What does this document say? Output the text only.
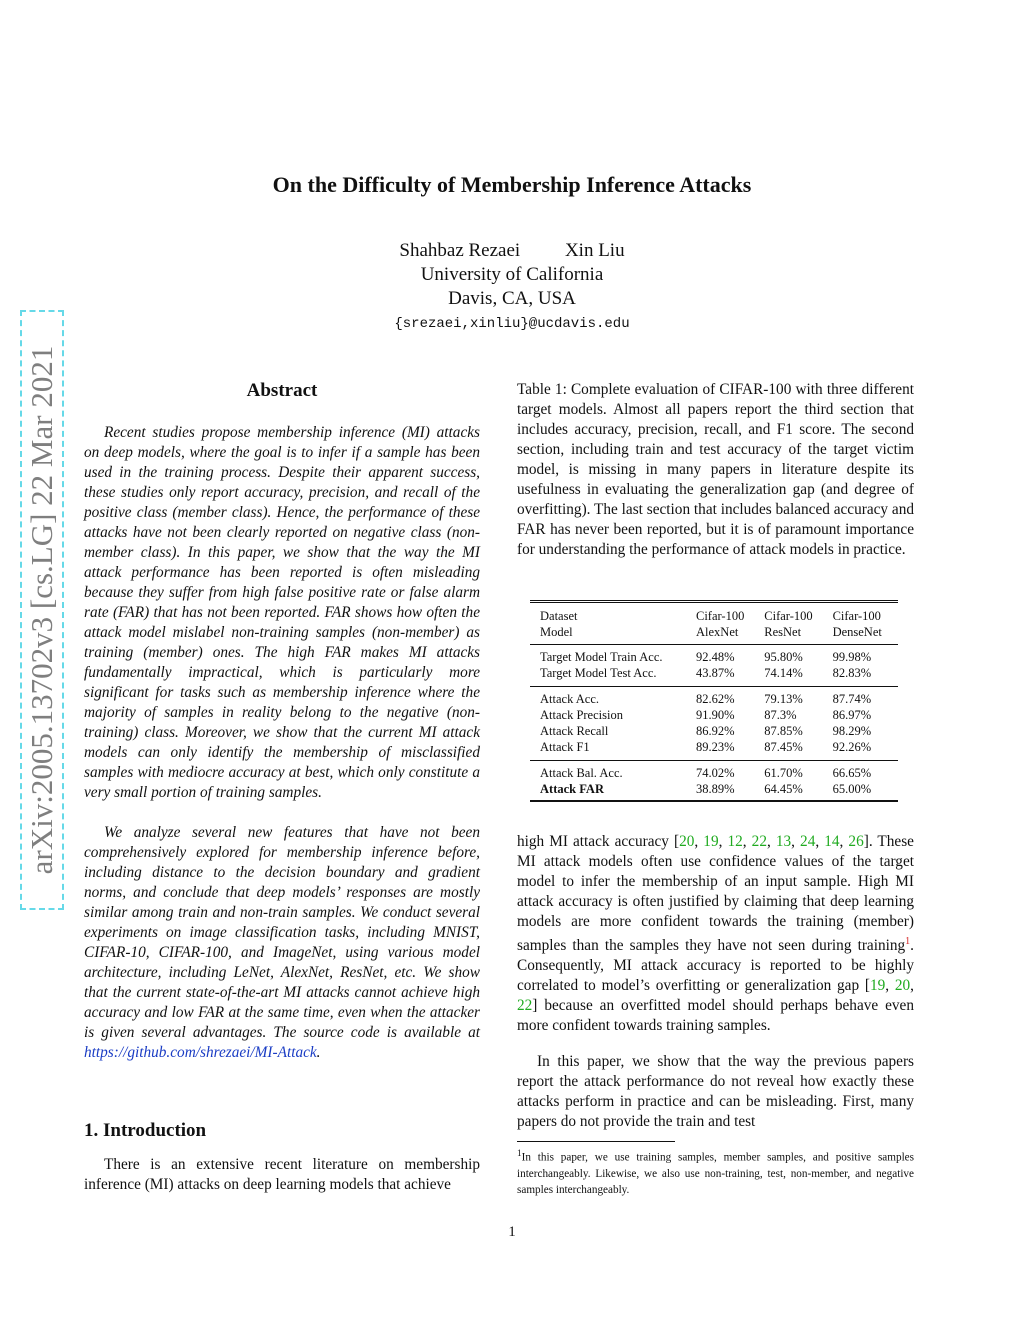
On the Difficulty of Membership Inference Attacks
Shahbaz Rezaei Xin Liu
University of California
Davis, CA, USA
{srezaei,xinliu}@ucdavis.edu
arXiv:2005.13702v3 [cs.LG] 22 Mar 2021	Abstract
Recent studies propose membership inference (MI) attacks on deep models, where the goal is to infer if a sample has been used in the training process. Despite their apparent success, these studies only report accuracy, precision, and recall of the positive class (member class). Hence, the performance of these attacks have not been clearly reported on negative class (non-member class). In this paper, we show that the way the MI attack performance has been reported is often misleading because they suffer from high false positive rate or false alarm rate (FAR) that has not been reported. FAR shows how often the attack model mislabel non-training samples (non-member) as training (member) ones. The high FAR makes MI attacks fundamentally impractical, which is particularly more significant for tasks such as membership inference where the majority of samples in reality belong to the negative (non-training) class. Moreover, we show that the current MI attack models can only identify the membership of misclassified samples with mediocre accuracy at best, which only constitute a very small portion of training samples.
We analyze several new features that have not been comprehensively explored for membership inference before, including distance to the decision boundary and gradient norms, and conclude that deep models’ responses are mostly similar among train and non-train samples. We conduct several experiments on image classification tasks, including MNIST, CIFAR-10, CIFAR-100, and ImageNet, using various model architecture, including LeNet, AlexNet, ResNet, etc. We show that the current state-of-the-art MI attacks cannot achieve high accuracy and low FAR at the same time, even when the attacker is given several advantages. The source code is available at https://github.com/shrezaei/MI-Attack.
1. Introduction
There is an extensive recent literature on membership inference (MI) attacks on deep learning models that achieve
Table 1: Complete evaluation of CIFAR-100 with three different target models. Almost all papers report the third section that includes accuracy, precision, recall, and F1 score. The second section, including train and test accuracy of the target victim model, is missing in many papers in literature despite its usefulness in evaluating the generalization gap (and degree of overfitting). The last section that includes balanced accuracy and FAR has never been reported, but it is of paramount importance for understanding the performance of attack models in practice.
Dataset	Cifar-100	Cifar-100	Cifar-100
Model	AlexNet	ResNet	DenseNet
Target Model Train Acc.	92.48%	95.80%	99.98%
Target Model Test Acc.	43.87%	74.14%	82.83%
Attack Acc.	82.62%	79.13%	87.74%
Attack Precision	91.90%	87.3%	86.97%
Attack Recall	86.92%	87.85%	98.29%
Attack F1	89.23%	87.45%	92.26%
Attack Bal. Acc.	74.02%	61.70%	66.65%
Attack FAR	38.89%	64.45%	65.00%
high MI attack accuracy [20, 19, 12, 22, 13, 24, 14, 26]. These MI attack models often use confidence values of the target model to infer the membership of an input sample. High MI attack accuracy is often justified by claiming that deep learning models are more confident towards the training (member) samples than the samples they have not seen during training$^1$. Consequently, MI attack accuracy is reported to be highly correlated to model’s overfitting or generalization gap [19, 20, 22] because an overfitted model should perhaps behave even more confident towards training samples.
In this paper, we show that the way the previous papers report the attack performance do not reveal how exactly these attacks perform in practice and can be misleading. First, many papers do not provide the train and test
$^1$In this paper, we use training samples, member samples, and positive samples interchangeably. Likewise, we also use non-training, test, non-member, and negative samples interchangeably.
1
